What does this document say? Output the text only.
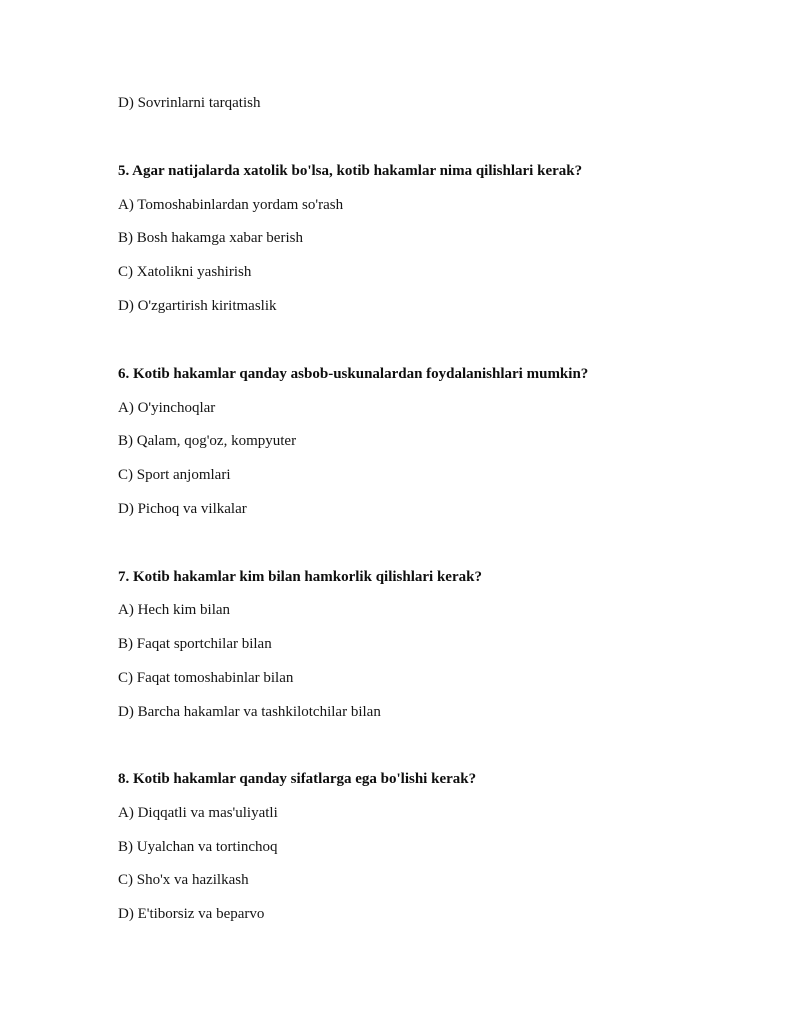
D) Sovrinlarni tarqatish
5. Agar natijalarda xatolik bo'lsa, kotib hakamlar nima qilishlari kerak?
A) Tomoshabinlardan yordam so'rash
B) Bosh hakamga xabar berish
C) Xatolikni yashirish
D) O'zgartirish kiritmaslik
6. Kotib hakamlar qanday asbob-uskunalardan foydalanishlari mumkin?
A) O'yinchoqlar
B) Qalam, qog'oz, kompyuter
C) Sport anjomlari
D) Pichoq va vilkalar
7. Kotib hakamlar kim bilan hamkorlik qilishlari kerak?
A) Hech kim bilan
B) Faqat sportchilar bilan
C) Faqat tomoshabinlar bilan
D) Barcha hakamlar va tashkilotchilar bilan
8. Kotib hakamlar qanday sifatlarga ega bo'lishi kerak?
A) Diqqatli va mas'uliyatli
B) Uyalchan va tortinchoq
C) Sho'x va hazilkash
D) E'tiborsiz va beparvo
